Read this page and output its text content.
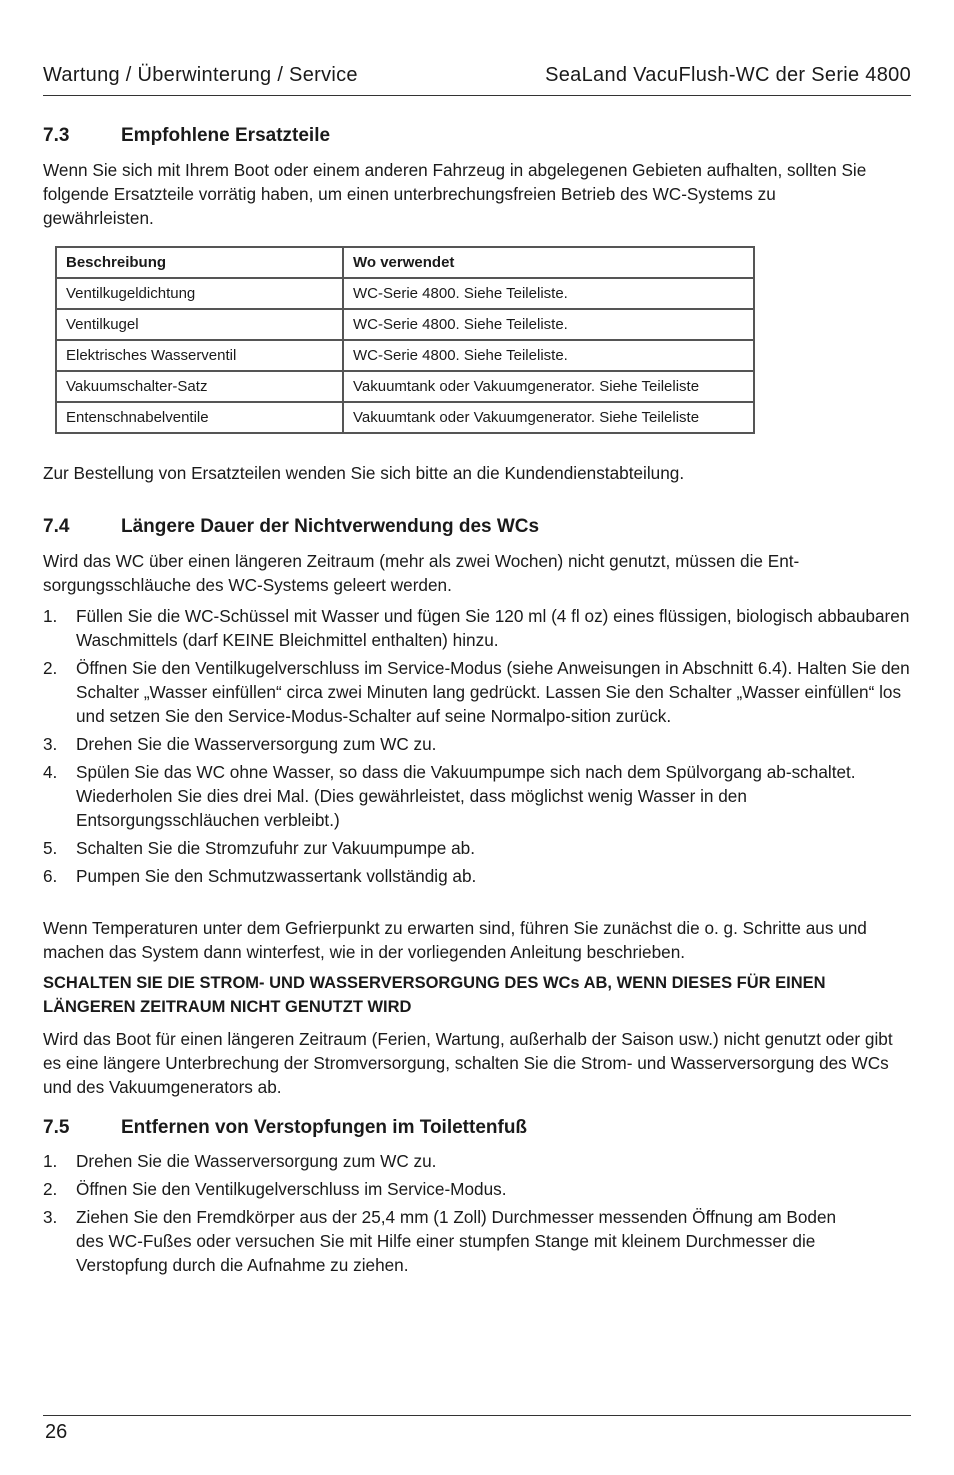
Wartung / Überwinterung / Service	SeaLand VacuFlush-WC der Serie 4800
7.3	Empfohlene Ersatzteile
Wenn Sie sich mit Ihrem Boot oder einem anderen Fahrzeug in abgelegenen Gebieten aufhalten, sollten Sie folgende Ersatzteile vorrätig haben, um einen unterbrechungsfreien Betrieb des WC-Systems zu gewährleisten.
Beschreibung	Wo verwendet
Ventilkugeldichtung	WC-Serie 4800. Siehe Teileliste.
Ventilkugel	WC-Serie 4800. Siehe Teileliste.
Elektrisches Wasserventil	WC-Serie 4800. Siehe Teileliste.
Vakuumschalter-Satz	Vakuumtank oder Vakuumgenerator. Siehe Teileliste
Entenschnabelventile	Vakuumtank oder Vakuumgenerator. Siehe Teileliste
Zur Bestellung von Ersatzteilen wenden Sie sich bitte an die Kundendienstabteilung.
7.4	Längere Dauer der Nichtverwendung des WCs
Wird das WC über einen längeren Zeitraum (mehr als zwei Wochen) nicht genutzt, müssen die Ent-sorgungsschläuche des WC-Systems geleert werden.
1. Füllen Sie die WC-Schüssel mit Wasser und fügen Sie 120 ml (4 fl oz) eines flüssigen, biologisch abbaubaren Waschmittels (darf KEINE Bleichmittel enthalten) hinzu.
2. Öffnen Sie den Ventilkugelverschluss im Service-Modus (siehe Anweisungen in Abschnitt 6.4). Halten Sie den Schalter „Wasser einfüllen“ circa zwei Minuten lang gedrückt. Lassen Sie den Schalter „Wasser einfüllen“ los und setzen Sie den Service-Modus-Schalter auf seine Normalpo-sition zurück.
3. Drehen Sie die Wasserversorgung zum WC zu.
4. Spülen Sie das WC ohne Wasser, so dass die Vakuumpumpe sich nach dem Spülvorgang ab-schaltet. Wiederholen Sie dies drei Mal. (Dies gewährleistet, dass möglichst wenig Wasser in den Entsorgungsschläuchen verbleibt.)
5. Schalten Sie die Stromzufuhr zur Vakuumpumpe ab.
6. Pumpen Sie den Schmutzwassertank vollständig ab.
Wenn Temperaturen unter dem Gefrierpunkt zu erwarten sind, führen Sie zunächst die o. g. Schritte aus und machen das System dann winterfest, wie in der vorliegenden Anleitung beschrieben.
SCHALTEN SIE DIE STROM- UND WASSERVERSORGUNG DES WCs AB, WENN DIESES FÜR EINEN LÄNGEREN ZEITRAUM NICHT GENUTZT WIRD
Wird das Boot für einen längeren Zeitraum (Ferien, Wartung, außerhalb der Saison usw.) nicht genutzt oder gibt es eine längere Unterbrechung der Stromversorgung, schalten Sie die Strom- und Wasserversorgung des WCs und des Vakuumgenerators ab.
7.5	Entfernen von Verstopfungen im Toilettenfuß
1. Drehen Sie die Wasserversorgung zum WC zu.
2. Öffnen Sie den Ventilkugelverschluss im Service-Modus.
3. Ziehen Sie den Fremdkörper aus der 25,4 mm (1 Zoll) Durchmesser messenden Öffnung am Boden des WC-Fußes oder versuchen Sie mit Hilfe einer stumpfen Stange mit kleinem Durchmesser die Verstopfung durch die Aufnahme zu ziehen.
26
